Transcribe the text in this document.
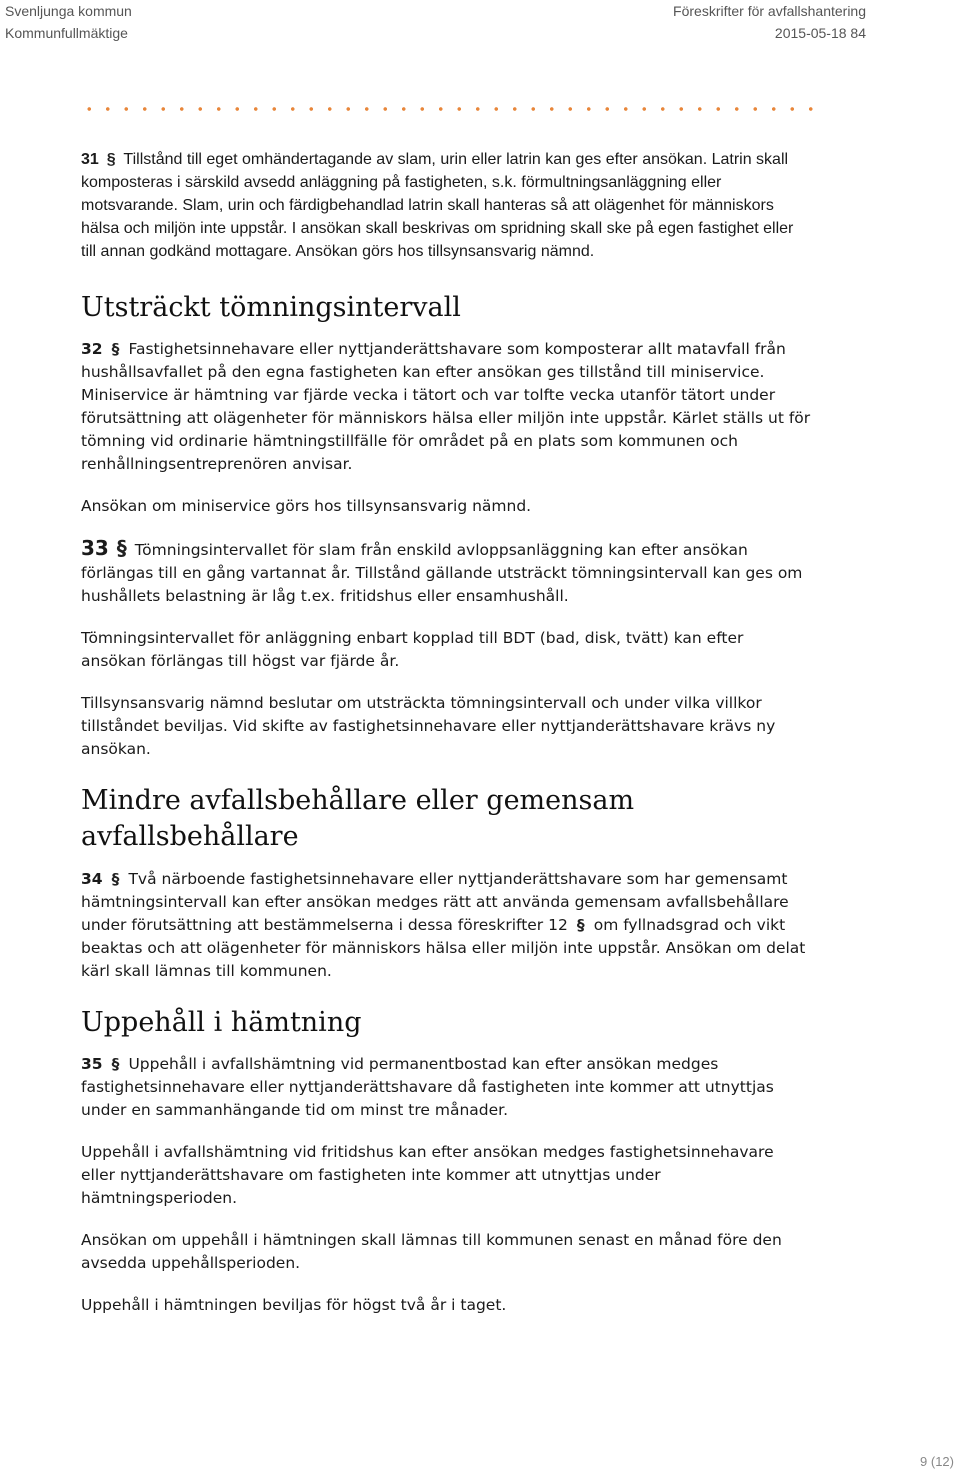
Svenljunga kommun
Kommunfullmäktige
Föreskrifter för avfallshantering
2015-05-18 84

31 § Tillstånd till eget omhändertagande av slam, urin eller latrin kan ges efter ansökan. Latrin skall komposteras i särskild avsedd anläggning på fastigheten, s.k. förmultningsanläggning eller motsvarande. Slam, urin och färdigbehandlad latrin skall hanteras så att olägenhet för människors hälsa och miljön inte uppstår. I ansökan skall beskrivas om spridning skall ske på egen fastighet eller till annan godkänd mottagare. Ansökan görs hos tillsynsansvarig nämnd.

Utsträckt tömningsintervall

32 § Fastighetsinnehavare eller nyttjanderättshavare som komposterar allt matavfall från hushållsavfallet på den egna fastigheten kan efter ansökan ges tillstånd till miniservice. Miniservice är hämtning var fjärde vecka i tätort och var tolfte vecka utanför tätort under förutsättning att olägenheter för människors hälsa eller miljön inte uppstår. Kärlet ställs ut för tömning vid ordinarie hämtningstillfälle för området på en plats som kommunen och renhållningsentreprenören anvisar.

Ansökan om miniservice görs hos tillsynsansvarig nämnd.

33 § Tömningsintervallet för slam från enskild avloppsanläggning kan efter ansökan förlängas till en gång vartannat år. Tillstånd gällande utsträckt tömningsintervall kan ges om hushållets belastning är låg t.ex. fritidshus eller ensamhushåll.

Tömningsintervallet för anläggning enbart kopplad till BDT (bad, disk, tvätt) kan efter ansökan förlängas till högst var fjärde år.

Tillsynsansvarig nämnd beslutar om utsträckta tömningsintervall och under vilka villkor tillståndet beviljas. Vid skifte av fastighetsinnehavare eller nyttjanderättshavare krävs ny ansökan.

Mindre avfallsbehållare eller gemensam avfallsbehållare

34 § Två närboende fastighetsinnehavare eller nyttjanderättshavare som har gemensamt hämtningsintervall kan efter ansökan medges rätt att använda gemensam avfallsbehållare under förutsättning att bestämmelserna i dessa föreskrifter 12 § om fyllnadsgrad och vikt beaktas och att olägenheter för människors hälsa eller miljön inte uppstår. Ansökan om delat kärl skall lämnas till kommunen.

Uppehåll i hämtning

35 § Uppehåll i avfallshämtning vid permanentbostad kan efter ansökan medges fastighetsinnehavare eller nyttjanderättshavare då fastigheten inte kommer att utnyttjas under en sammanhängande tid om minst tre månader.

Uppehåll i avfallshämtning vid fritidshus kan efter ansökan medges fastighetsinnehavare eller nyttjanderättshavare om fastigheten inte kommer att utnyttjas under hämtningsperioden.

Ansökan om uppehåll i hämtningen skall lämnas till kommunen senast en månad före den avsedda uppehållsperioden.

Uppehåll i hämtningen beviljas för högst två år i taget.

9 (12)
